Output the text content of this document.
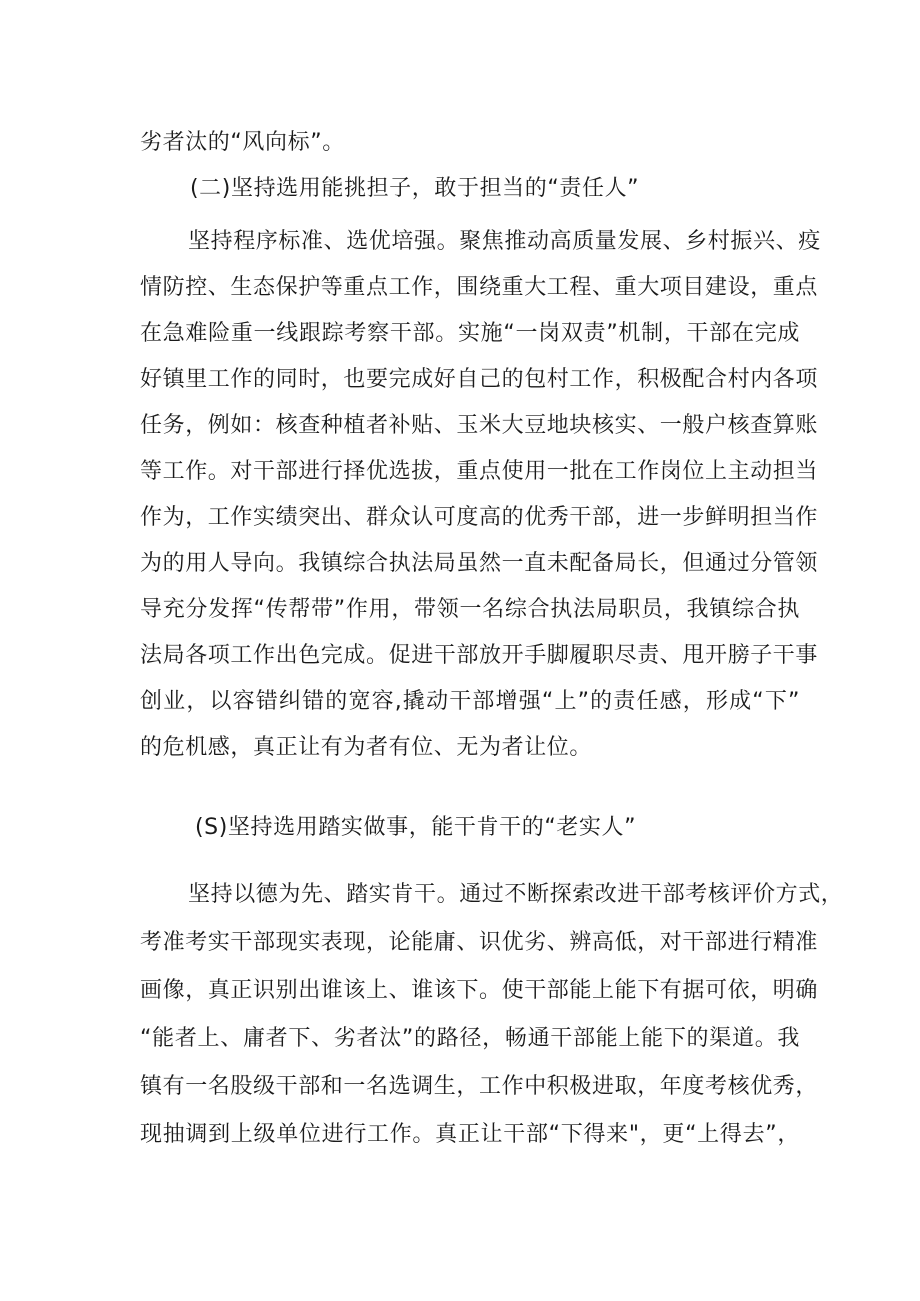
劣者汰的“风向标”。
(二)坚持选用能挑担子，敢于担当的“责任人”
坚持程序标准、选优培强。聚焦推动高质量发展、乡村振兴、疫
情防控、生态保护等重点工作，围绕重大工程、重大项目建设，重点
在急难险重一线跟踪考察干部。实施“一岗双责”机制，干部在完成
好镇里工作的同时，也要完成好自己的包村工作，积极配合村内各项
任务，例如：核查种植者补贴、玉米大豆地块核实、一般户核查算账
等工作。对干部进行择优选拔，重点使用一批在工作岗位上主动担当
作为，工作实绩突出、群众认可度高的优秀干部，进一步鲜明担当作
为的用人导向。我镇综合执法局虽然一直未配备局长，但通过分管领
导充分发挥“传帮带”作用，带领一名综合执法局职员，我镇综合执
法局各项工作出色完成。促进干部放开手脚履职尽责、甩开膀子干事
创业，以容错纠错的宽容,撬动干部增强“上”的责任感，形成“下”
的危机感，真正让有为者有位、无为者让位。
(S)坚持选用踏实做事，能干肯干的“老实人”
坚持以德为先、踏实肯干。通过不断探索改进干部考核评价方式，
考准考实干部现实表现，论能庸、识优劣、辨高低，对干部进行精准
画像，真正识别出谁该上、谁该下。使干部能上能下有据可依，明确
“能者上、庸者下、劣者汰”的路径，畅通干部能上能下的渠道。我
镇有一名股级干部和一名选调生，工作中积极进取，年度考核优秀，
现抽调到上级单位进行工作。真正让干部“下得来"，更“上得去”，
